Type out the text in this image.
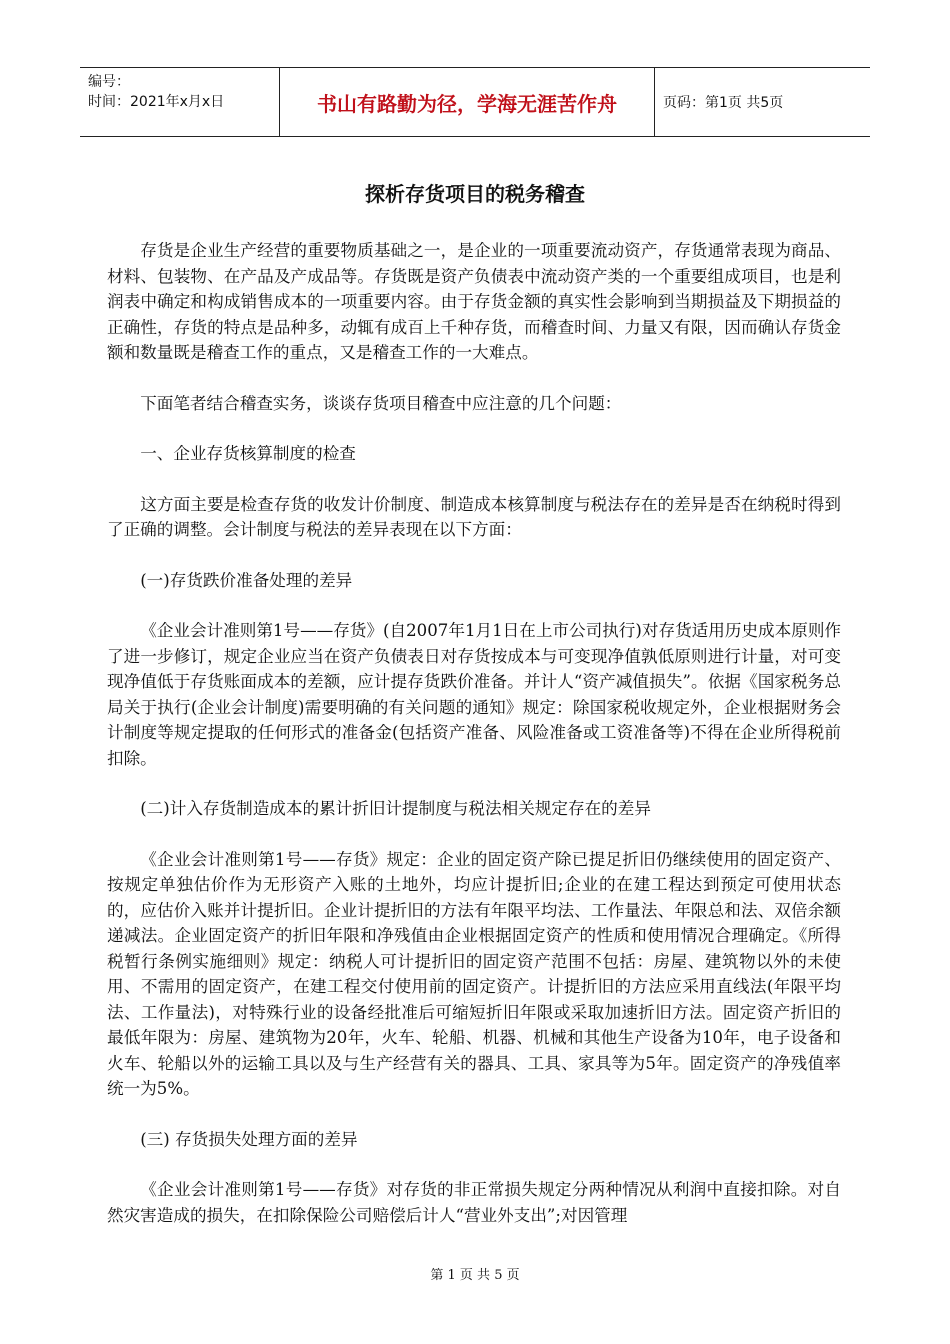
编号：
时间：2021年x月x日	书山有路勤为径，学海无涯苦作舟	页码：第1页 共5页
探析存货项目的税务稽查

存货是企业生产经营的重要物质基础之一，是企业的一项重要流动资产，存货通常表现为商品、材料、包装物、在产品及产成品等。存货既是资产负债表中流动资产类的一个重要组成项目，也是利润表中确定和构成销售成本的一项重要内容。由于存货金额的真实性会影响到当期损益及下期损益的正确性，存货的特点是品种多，动辄有成百上千种存货，而稽查时间、力量又有限，因而确认存货金额和数量既是稽查工作的重点，又是稽查工作的一大难点。

下面笔者结合稽查实务，谈谈存货项目稽查中应注意的几个问题：

一、企业存货核算制度的检查

这方面主要是检查存货的收发计价制度、制造成本核算制度与税法存在的差异是否在纳税时得到了正确的调整。会计制度与税法的差异表现在以下方面：

(一)存货跌价准备处理的差异

《企业会计准则第1号——存货》(自2007年1月1日在上市公司执行)对存货适用历史成本原则作了进一步修订，规定企业应当在资产负债表日对存货按成本与可变现净值孰低原则进行计量，对可变现净值低于存货账面成本的差额，应计提存货跌价准备。并计人“资产减值损失”。依据《国家税务总局关于执行(企业会计制度)需要明确的有关问题的通知》规定：除国家税收规定外，企业根据财务会计制度等规定提取的任何形式的准备金(包括资产准备、风险准备或工资准备等)不得在企业所得税前扣除。

(二)计入存货制造成本的累计折旧计提制度与税法相关规定存在的差异

《企业会计准则第1号——存货》规定：企业的固定资产除已提足折旧仍继续使用的固定资产、按规定单独估价作为无形资产入账的土地外，均应计提折旧;企业的在建工程达到预定可使用状态的，应估价入账并计提折旧。企业计提折旧的方法有年限平均法、工作量法、年限总和法、双倍余额递减法。企业固定资产的折旧年限和净残值由企业根据固定资产的性质和使用情况合理确定。《所得税暂行条例实施细则》规定：纳税人可计提折旧的固定资产范围不包括：房屋、建筑物以外的未使用、不需用的固定资产，在建工程交付使用前的固定资产。计提折旧的方法应采用直线法(年限平均法、工作量法)，对特殊行业的设备经批准后可缩短折旧年限或采取加速折旧方法。固定资产折旧的最低年限为：房屋、建筑物为20年，火车、轮船、机器、机械和其他生产设备为10年，电子设备和火车、轮船以外的运输工具以及与生产经营有关的器具、工具、家具等为5年。固定资产的净残值率统一为5%。

(三) 存货损失处理方面的差异

《企业会计准则第1号——存货》对存货的非正常损失规定分两种情况从利润中直接扣除。对自然灾害造成的损失，在扣除保险公司赔偿后计人“营业外支出”;对因管理

第 1 页 共 5 页
